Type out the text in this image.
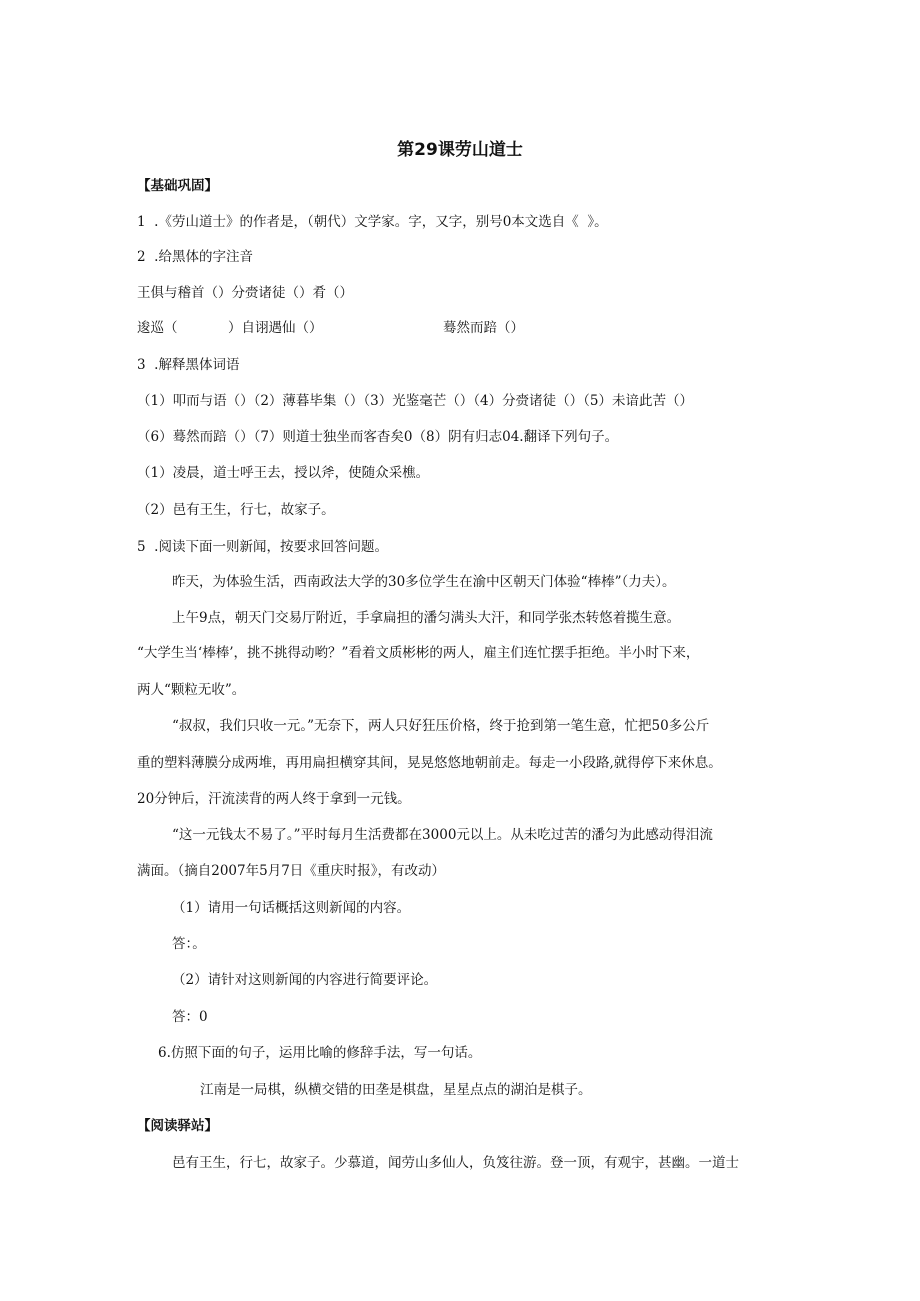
第29课劳山道士
【基础巩固】
1  .《劳山道士》的作者是，（朝代）文学家。字，又字，别号0本文选自《  》。
2  .给黑体的字注音
王俱与稽首（）分赍诸徒（）肴（）
逡巡（	）自诩遇仙（）	蓦然而踣（）
3  .解释黑体词语
（1）叩而与语（）（2）薄暮毕集（）（3）光鉴毫芒（）（4）分赍诸徒（）（5）未谙此苦（）
（6）蓦然而踣（）（7）则道士独坐而客杳矣0（8）阴有归志04.翻译下列句子。
（1）凌晨，道士呼王去，授以斧，使随众采樵。
（2）邑有王生，行七，故家子。
5  .阅读下面一则新闻，按要求回答问题。
昨天，为体验生活，西南政法大学的30多位学生在渝中区朝天门体验“棒棒”（力夫）。
上午9点，朝天门交易厅附近，手拿扁担的潘匀满头大汗，和同学张杰转悠着揽生意。
“大学生当‘棒棒’，挑不挑得动哟？”看着文质彬彬的两人，雇主们连忙摆手拒绝。半小时下来，
两人“颗粒无收”。
“叔叔，我们只收一元。”无奈下，两人只好狂压价格，终于抢到第一笔生意，忙把50多公斤
重的塑料薄膜分成两堆，再用扁担横穿其间，晃晃悠悠地朝前走。每走一小段路,就得停下来休息。
20分钟后，汗流渎背的两人终于拿到一元钱。
“这一元钱太不易了。”平时每月生活费都在3000元以上。从未吃过苦的潘匀为此感动得泪流
满面。（摘自2007年5月7日《重庆时报》，有改动）
（1）请用一句话概括这则新闻的内容。
答：。
（2）请针对这则新闻的内容进行简要评论。
答：0
6.仿照下面的句子，运用比喻的修辞手法，写一句话。
江南是一局棋，纵横交错的田垄是棋盘，星星点点的湖泊是棋子。
【阅读驿站】
邑有王生，行七，故家子。少慕道，闻劳山多仙人，负笈往游。登一顶，有观宇，甚幽。一道士
